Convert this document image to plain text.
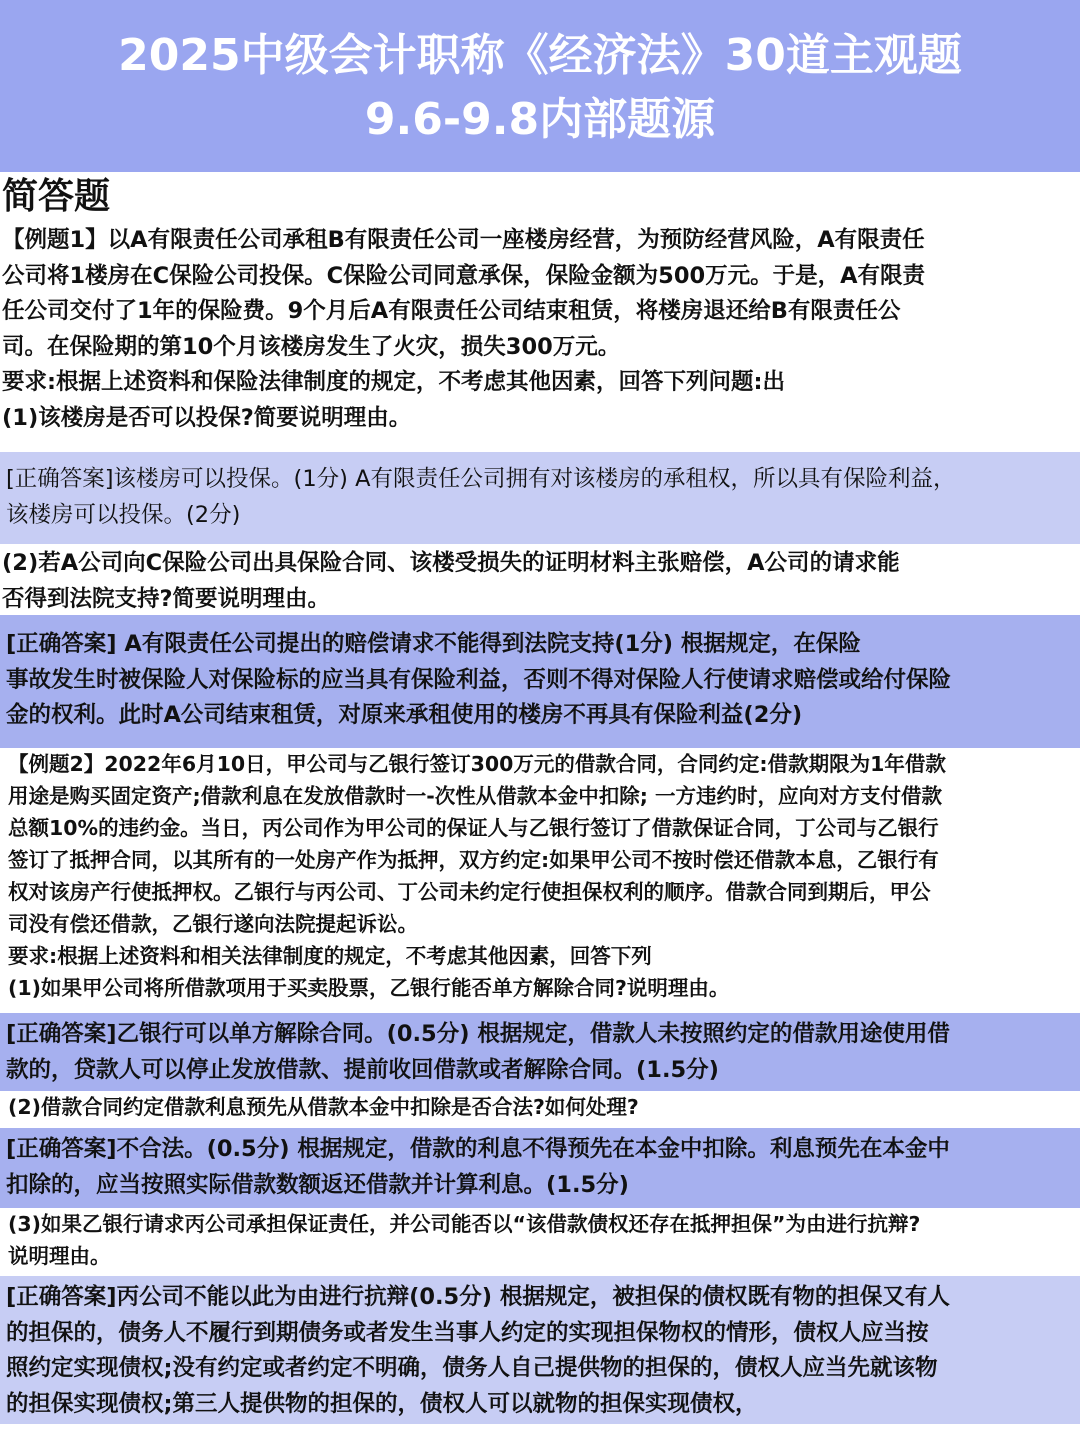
2025中级会计职称《经济法》30道主观题
9.6-9.8内部题源
简答题
【例题1】以A有限责任公司承租B有限责任公司一座楼房经营，为预防经营风险，A有限责任
公司将1楼房在C保险公司投保。C保险公司同意承保，保险金额为500万元。于是，A有限责
任公司交付了1年的保险费。9个月后A有限责任公司结束租赁，将楼房退还给B有限责任公
司。在保险期的第10个月该楼房发生了火灾，损失300万元。
要求:根据上述资料和保险法律制度的规定，不考虑其他因素，回答下列问题:出
(1)该楼房是否可以投保?简要说明理由。
[正确答案]该楼房可以投保。(1分) A有限责任公司拥有对该楼房的承租权，所以具有保险利益，
该楼房可以投保。(2分)
(2)若A公司向C保险公司出具保险合同、该楼受损失的证明材料主张赔偿，A公司的请求能
否得到法院支持?简要说明理由。
[正确答案] A有限责任公司提出的赔偿请求不能得到法院支持(1分) 根据规定，在保险
事故发生时被保险人对保险标的应当具有保险利益，否则不得对保险人行使请求赔偿或给付保险
金的权利。此时A公司结束租赁，对原来承租使用的楼房不再具有保险利益(2分)
【例题2】2022年6月10日，甲公司与乙银行签订300万元的借款合同，合同约定:借款期限为1年借款
用途是购买固定资产;借款利息在发放借款时一-次性从借款本金中扣除; 一方违约时，应向对方支付借款
总额10%的违约金。当日，丙公司作为甲公司的保证人与乙银行签订了借款保证合同，丁公司与乙银行
签订了抵押合同，以其所有的一处房产作为抵押，双方约定:如果甲公司不按时偿还借款本息，乙银行有
权对该房产行使抵押权。乙银行与丙公司、丁公司未约定行使担保权利的顺序。借款合同到期后，甲公
司没有偿还借款，乙银行遂向法院提起诉讼。
要求:根据上述资料和相关法律制度的规定，不考虑其他因素，回答下列
(1)如果甲公司将所借款项用于买卖股票，乙银行能否单方解除合同?说明理由。
[正确答案]乙银行可以单方解除合同。(0.5分) 根据规定，借款人未按照约定的借款用途使用借
款的，贷款人可以停止发放借款、提前收回借款或者解除合同。(1.5分)
(2)借款合同约定借款利息预先从借款本金中扣除是否合法?如何处理?
[正确答案]不合法。(0.5分) 根据规定，借款的利息不得预先在本金中扣除。利息预先在本金中
扣除的，应当按照实际借款数额返还借款并计算利息。(1.5分)
(3)如果乙银行请求丙公司承担保证责任，并公司能否以“该借款债权还存在抵押担保”为由进行抗辩?
说明理由。
[正确答案]丙公司不能以此为由进行抗辩(0.5分) 根据规定，被担保的债权既有物的担保又有人
的担保的，债务人不履行到期债务或者发生当事人约定的实现担保物权的情形，债权人应当按
照约定实现债权;没有约定或者约定不明确，债务人自己提供物的担保的，债权人应当先就该物
的担保实现债权;第三人提供物的担保的，债权人可以就物的担保实现债权，
